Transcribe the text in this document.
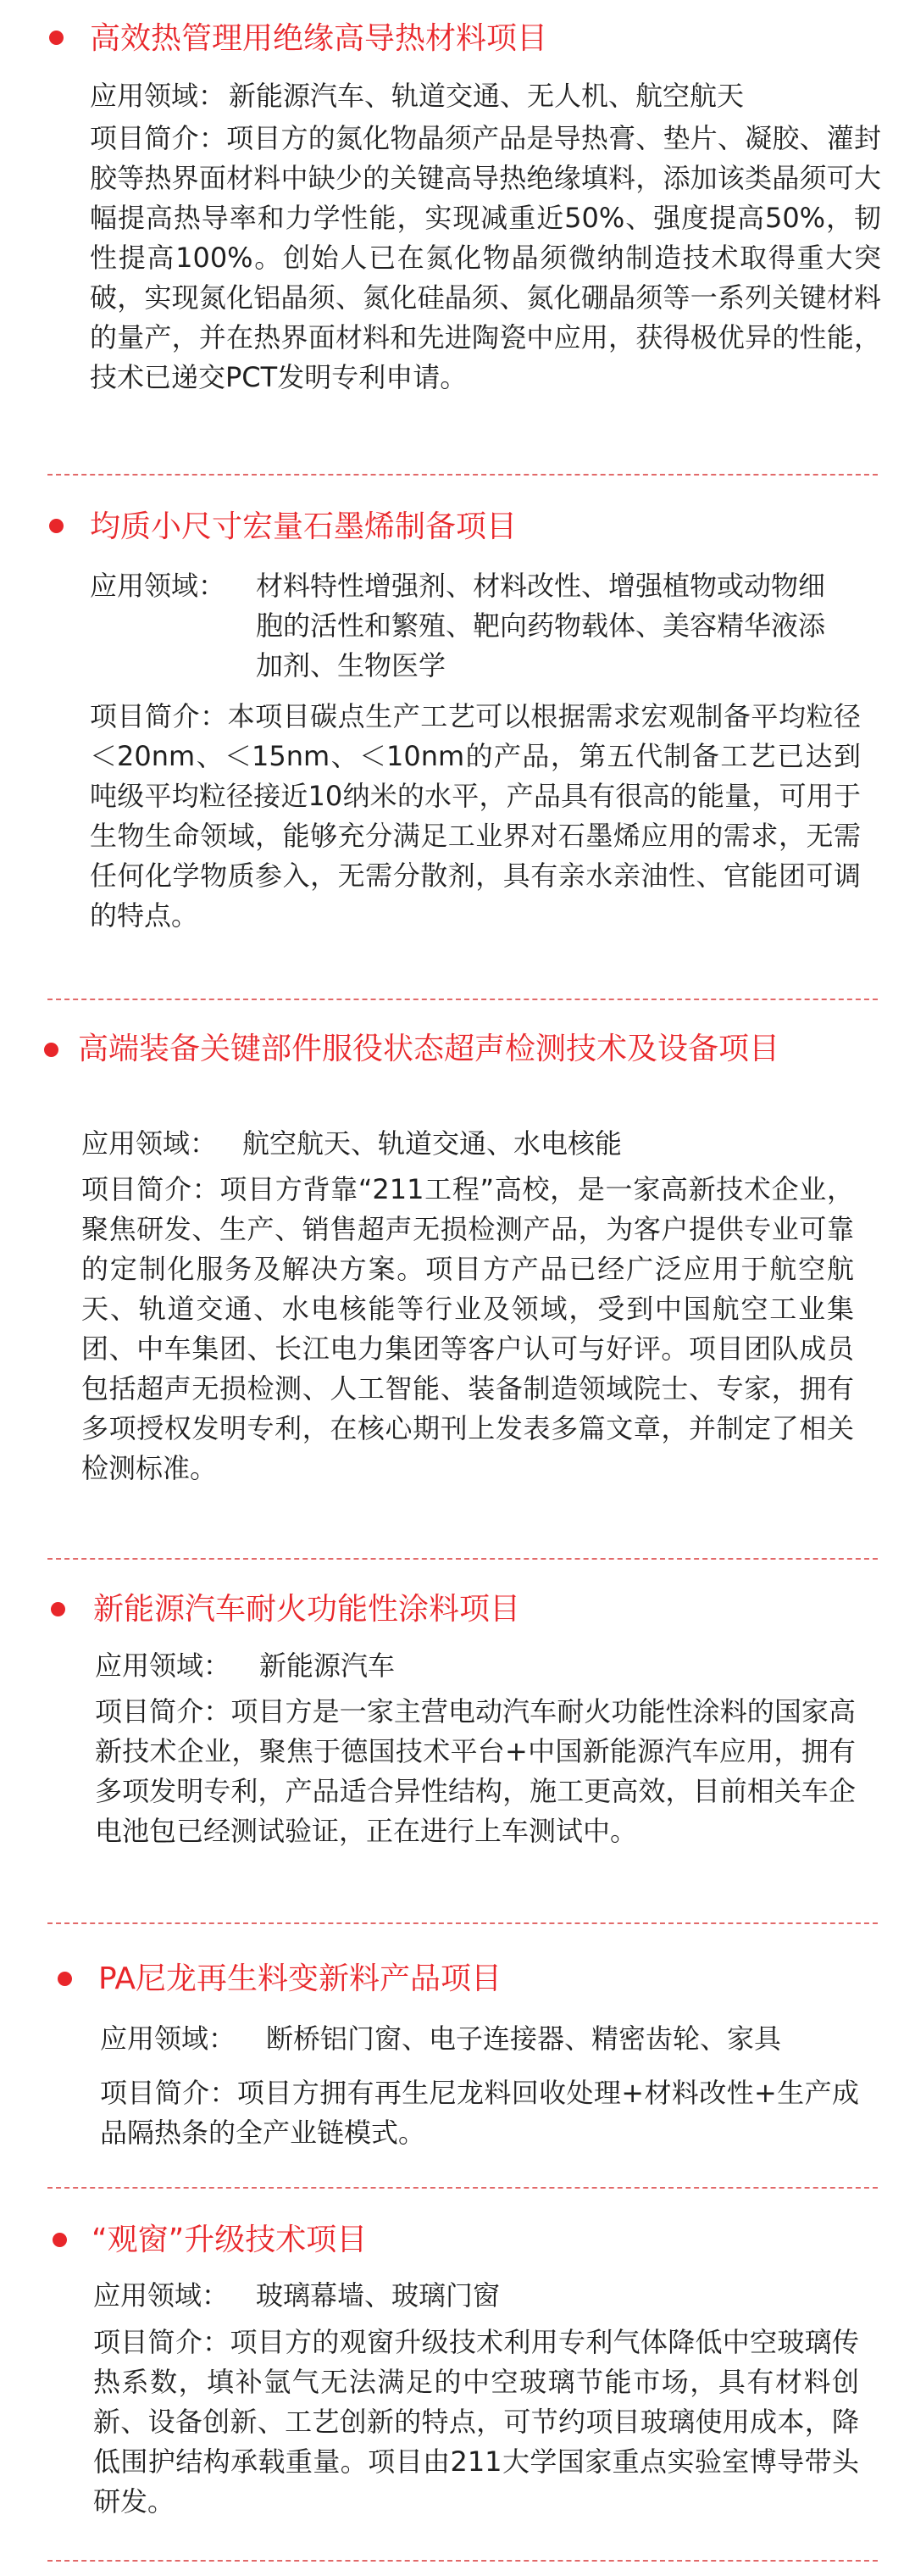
高效热管理用绝缘高导热材料项目
应用领域： 新能源汽车、轨道交通、无人机、航空航天
项目简介：项目方的氮化物晶须产品是导热膏、垫片、凝胶、灌封胶等热界面材料中缺少的关键高导热绝缘填料，添加该类晶须可大幅提高热导率和力学性能，实现减重近50%、强度提高50%，韧性提高100%。创始人已在氮化物晶须微纳制造技术取得重大突破，实现氮化铝晶须、氮化硅晶须、氮化硼晶须等一系列关键材料的量产，并在热界面材料和先进陶瓷中应用，获得极优异的性能，技术已递交PCT发明专利申请。
均质小尺寸宏量石墨烯制备项目
应用领域： 材料特性增强剂、材料改性、增强植物或动物细胞的活性和繁殖、靶向药物载体、美容精华液添加剂、生物医学
项目简介：本项目碳点生产工艺可以根据需求宏观制备平均粒径＜20nm、＜15nm、＜10nm的产品，第五代制备工艺已达到吨级平均粒径接近10纳米的水平，产品具有很高的能量，可用于生物生命领域，能够充分满足工业界对石墨烯应用的需求，无需任何化学物质参入，无需分散剂，具有亲水亲油性、官能团可调的特点。
高端装备关键部件服役状态超声检测技术及设备项目
应用领域： 航空航天、轨道交通、水电核能
项目简介：项目方背靠“211工程”高校，是一家高新技术企业，聚焦研发、生产、销售超声无损检测产品，为客户提供专业可靠的定制化服务及解决方案。项目方产品已经广泛应用于航空航天、轨道交通、水电核能等行业及领域，受到中国航空工业集团、中车集团、长江电力集团等客户认可与好评。项目团队成员包括超声无损检测、人工智能、装备制造领域院士、专家，拥有多项授权发明专利，在核心期刊上发表多篇文章，并制定了相关检测标准。
新能源汽车耐火功能性涂料项目
应用领域： 新能源汽车
项目简介：项目方是一家主营电动汽车耐火功能性涂料的国家高新技术企业，聚焦于德国技术平台+中国新能源汽车应用，拥有多项发明专利，产品适合异性结构，施工更高效，目前相关车企电池包已经测试验证，正在进行上车测试中。
PA尼龙再生料变新料产品项目
应用领域： 断桥铝门窗、电子连接器、精密齿轮、家具
项目简介：项目方拥有再生尼龙料回收处理+材料改性+生产成品隔热条的全产业链模式。
“观窗”升级技术项目
应用领域： 玻璃幕墙、玻璃门窗
项目简介：项目方的观窗升级技术利用专利气体降低中空玻璃传热系数，填补氩气无法满足的中空玻璃节能市场，具有材料创新、设备创新、工艺创新的特点，可节约项目玻璃使用成本，降低围护结构承载重量。项目由211大学国家重点实验室博导带头研发。
